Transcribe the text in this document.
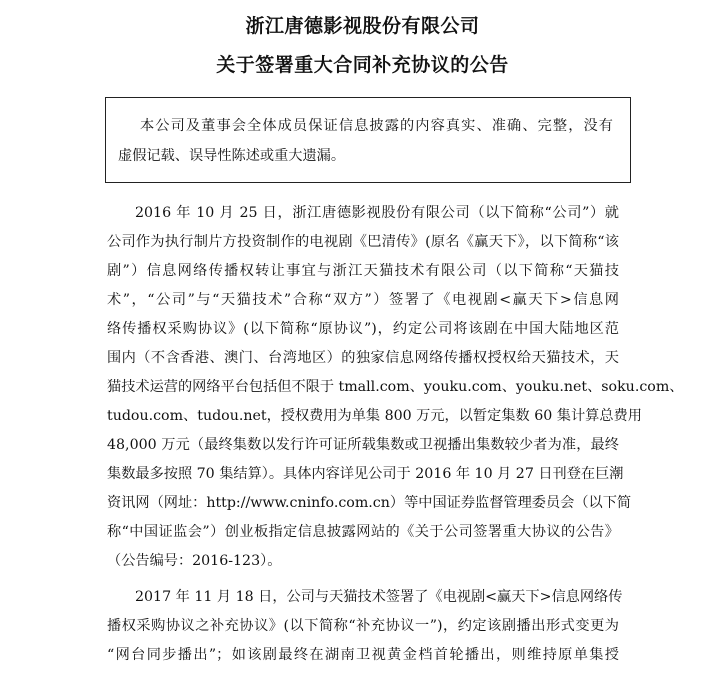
浙江唐德影视股份有限公司
关于签署重大合同补充协议的公告
本公司及董事会全体成员保证信息披露的内容真实、准确、完整，没有
虚假记载、误导性陈述或重大遗漏。
2016 年 10 月 25 日，浙江唐德影视股份有限公司（以下简称“公司”）就
公司作为执行制片方投资制作的电视剧《巴清传》(原名《赢天下》，以下简称“该
剧”）信息网络传播权转让事宜与浙江天猫技术有限公司（以下简称“天猫技
术”，“公司”与“天猫技术”合称“双方”）签署了《电视剧<赢天下>信息网
络传播权采购协议》(以下简称“原协议”)，约定公司将该剧在中国大陆地区范
围内（不含香港、澳门、台湾地区）的独家信息网络传播权授权给天猫技术，天
猫技术运营的网络平台包括但不限于 tmall.com、youku.com、youku.net、soku.com、
tudou.com、tudou.net，授权费用为单集 800 万元，以暂定集数 60 集计算总费用
48,000 万元（最终集数以发行许可证所载集数或卫视播出集数较少者为准，最终
集数最多按照 70 集结算）。具体内容详见公司于 2016 年 10 月 27 日刊登在巨潮
资讯网（网址：http://www.cninfo.com.cn）等中国证券监督管理委员会（以下简
称“中国证监会”）创业板指定信息披露网站的《关于公司签署重大协议的公告》
（公告编号：2016-123）。
2017 年 11 月 18 日，公司与天猫技术签署了《电视剧<赢天下>信息网络传
播权采购协议之补充协议》(以下简称“补充协议一”)，约定该剧播出形式变更为
“网台同步播出”；如该剧最终在湖南卫视黄金档首轮播出，则维持原单集授
